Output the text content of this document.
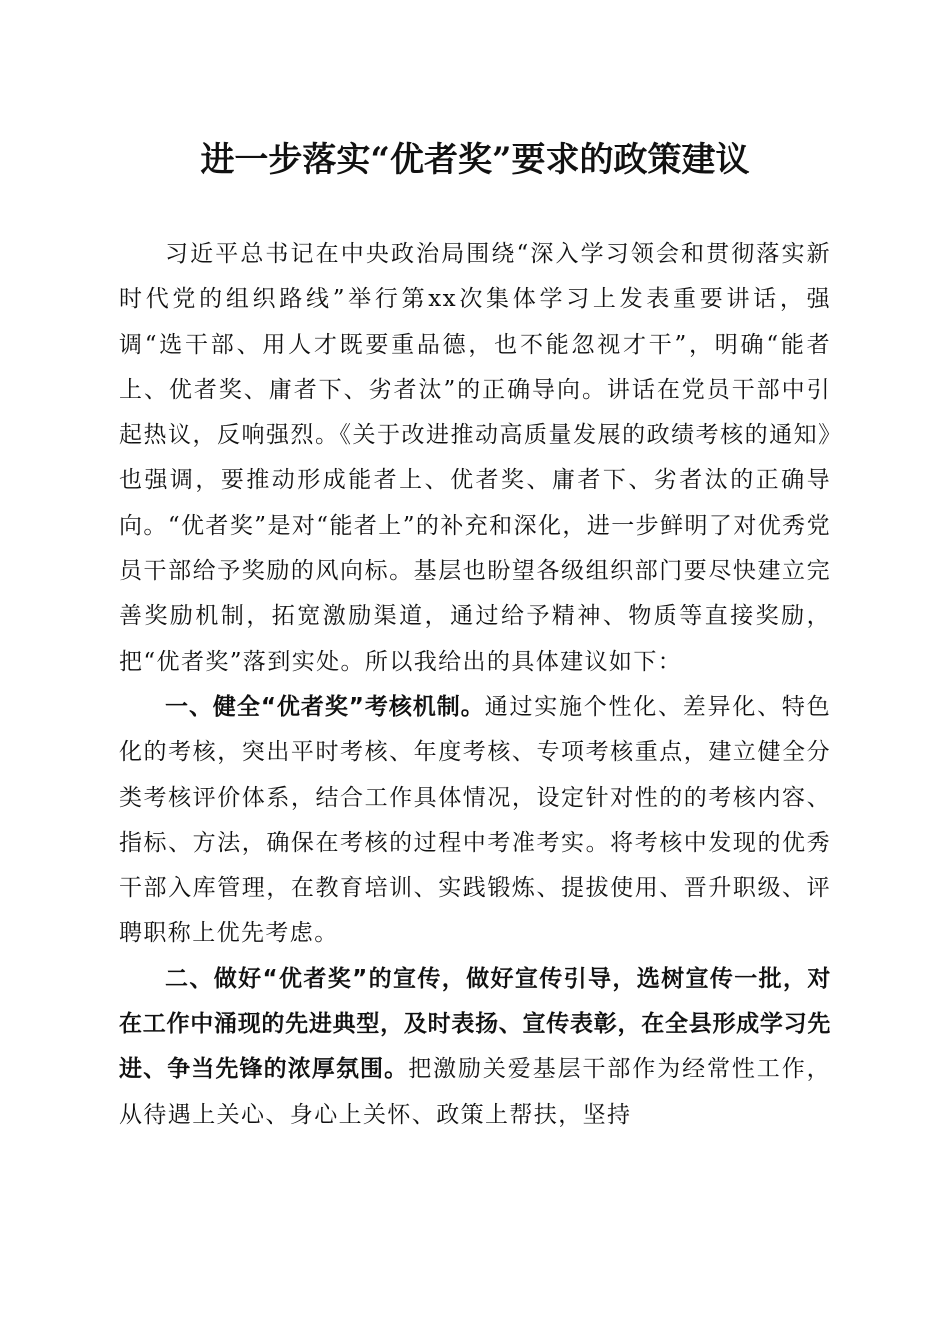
进一步落实“优者奖”要求的政策建议

习近平总书记在中央政治局围绕“深入学习领会和贯彻落实新时代党的组织路线”举行第xx次集体学习上发表重要讲话，强调“选干部、用人才既要重品德，也不能忽视才干”，明确“能者上、优者奖、庸者下、劣者汰”的正确导向。讲话在党员干部中引起热议，反响强烈。《关于改进推动高质量发展的政绩考核的通知》也强调，要推动形成能者上、优者奖、庸者下、劣者汰的正确导向。“优者奖”是对“能者上”的补充和深化，进一步鲜明了对优秀党员干部给予奖励的风向标。基层也盼望各级组织部门要尽快建立完善奖励机制，拓宽激励渠道，通过给予精神、物质等直接奖励，把“优者奖”落到实处。所以我给出的具体建议如下：

一、健全“优者奖”考核机制。通过实施个性化、差异化、特色化的考核，突出平时考核、年度考核、专项考核重点，建立健全分类考核评价体系，结合工作具体情况，设定针对性的的考核内容、指标、方法，确保在考核的过程中考准考实。将考核中发现的优秀干部入库管理，在教育培训、实践锻炼、提拔使用、晋升职级、评聘职称上优先考虑。

二、做好“优者奖”的宣传，做好宣传引导，选树宣传一批，对在工作中涌现的先进典型，及时表扬、宣传表彰，在全县形成学习先进、争当先锋的浓厚氛围。把激励关爱基层干部作为经常性工作，从待遇上关心、身心上关怀、政策上帮扶，坚持
